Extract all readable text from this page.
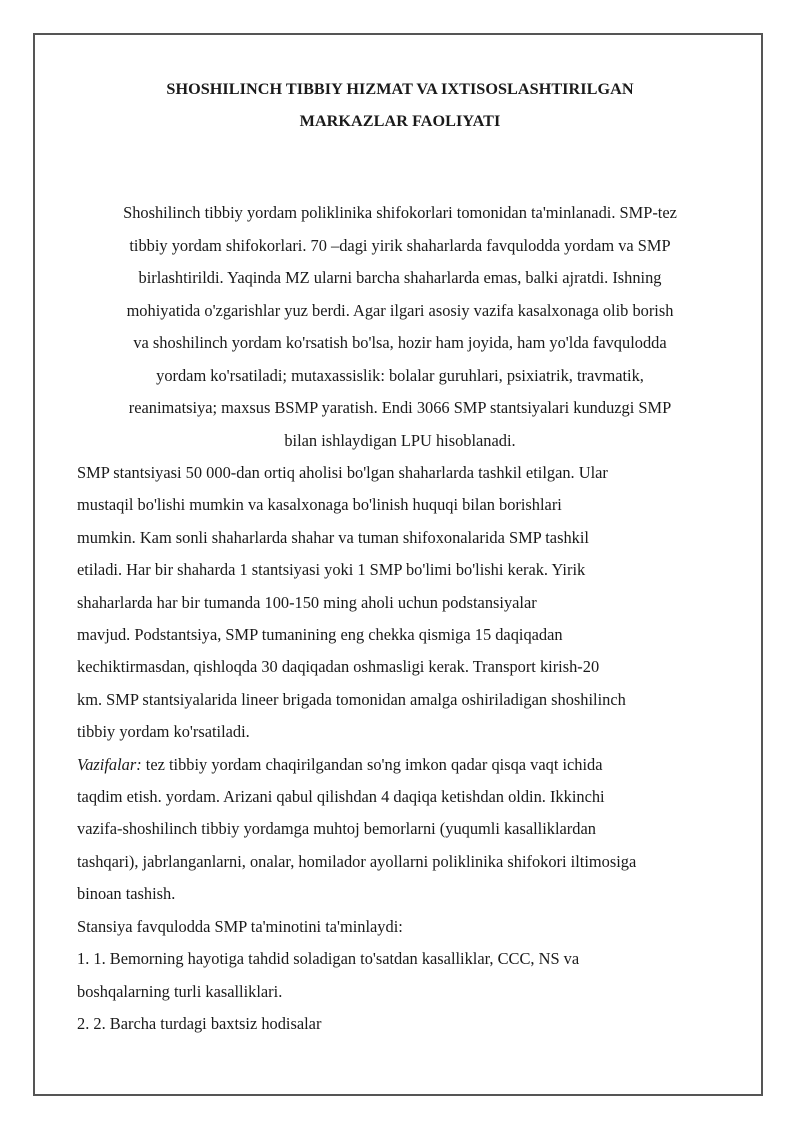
SHOSHILINCH TIBBIY HIZMAT VA IXTISOSLASHTIRILGAN
MARKAZLAR FAOLIYATI

Shoshilinch tibbiy yordam poliklinika shifokorlari tomonidan ta'minlanadi. SMP-tez
tibbiy yordam shifokorlari. 70 –dagi yirik shaharlarda favqulodda yordam va SMP
birlashtirildi. Yaqinda MZ ularni barcha shaharlarda emas, balki ajratdi. Ishning
mohiyatida o'zgarishlar yuz berdi. Agar ilgari asosiy vazifa kasalxonaga olib borish
va shoshilinch yordam ko'rsatish bo'lsa, hozir ham joyida, ham yo'lda favqulodda
yordam ko'rsatiladi; mutaxassislik: bolalar guruhlari, psixiatrik, travmatik,
reanimatsiya; maxsus BSMP yaratish. Endi 3066 SMP stantsiyalari kunduzgi SMP
bilan ishlaydigan LPU hisoblanadi.

SMP stantsiyasi 50 000-dan ortiq aholisi bo'lgan shaharlarda tashkil etilgan. Ular
mustaqil bo'lishi mumkin va kasalxonaga bo'linish huquqi bilan borishlari
mumkin. Kam sonli shaharlarda shahar va tuman shifoxonalarida SMP tashkil
etiladi. Har bir shaharda 1 stantsiyasi yoki 1 SMP bo'limi bo'lishi kerak. Yirik
shaharlarda har bir tumanda 100-150 ming aholi uchun podstansiyalar
mavjud. Podstantsiya, SMP tumanining eng chekka qismiga 15 daqiqadan
kechiktirmasdan, qishloqda 30 daqiqadan oshmasligi kerak. Transport kirish-20
km. SMP stantsiyalarida lineer brigada tomonidan amalga oshiriladigan shoshilinch
tibbiy yordam ko'rsatiladi.
Vazifalar: tez tibbiy yordam chaqirilgandan so'ng imkon qadar qisqa vaqt ichida
taqdim etish. yordam. Arizani qabul qilishdan 4 daqiqa ketishdan oldin. Ikkinchi
vazifa-shoshilinch tibbiy yordamga muhtoj bemorlarni (yuqumli kasalliklardan
tashqari), jabrlanganlarni, onalar, homilador ayollarni poliklinika shifokori iltimosiga
binoan tashish.
Stansiya favqulodda SMP ta'minotini ta'minlaydi:
1. 1. Bemorning hayotiga tahdid soladigan to'satdan kasalliklar, CCC, NS va
boshqalarning turli kasalliklari.
2. 2. Barcha turdagi baxtsiz hodisalar
